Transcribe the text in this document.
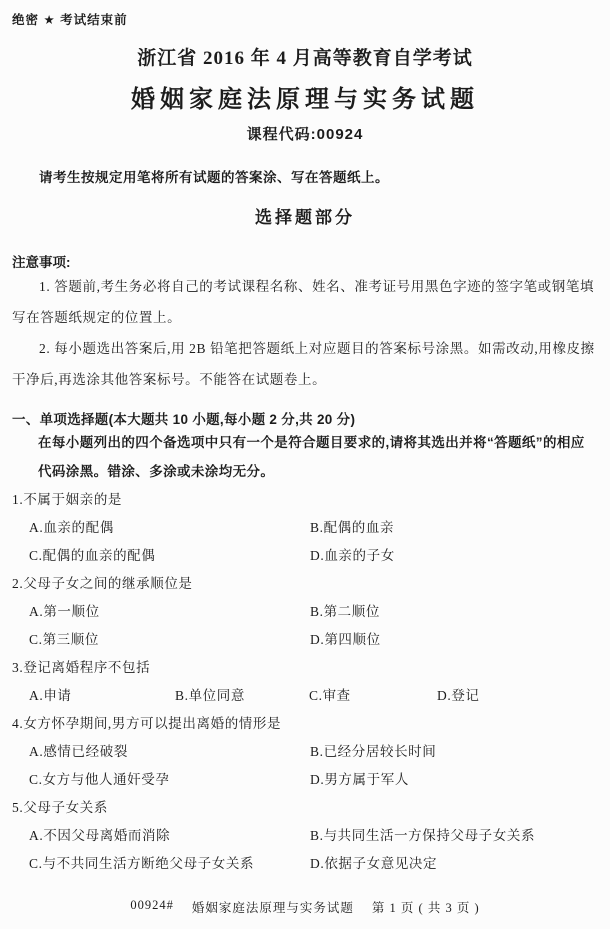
绝密 ★ 考试结束前
浙江省 2016 年 4 月高等教育自学考试
婚姻家庭法原理与实务试题
课程代码:00924
请考生按规定用笔将所有试题的答案涂、写在答题纸上。
选择题部分
注意事项:

1. 答题前,考生务必将自己的考试课程名称、姓名、准考证号用黑色字迹的签字笔或钢笔填写在答题纸规定的位置上。

2. 每小题选出答案后,用 2B 铅笔把答题纸上对应题目的答案标号涂黑。如需改动,用橡皮擦干净后,再选涂其他答案标号。不能答在试题卷上。

一、单项选择题(本大题共 10 小题,每小题 2 分,共 20 分)

在每小题列出的四个备选项中只有一个是符合题目要求的,请将其选出并将“答题纸”的相应代码涂黑。错涂、多涂或未涂均无分。

1.不属于姻亲的是
A.血亲的配偶	B.配偶的血亲
C.配偶的血亲的配偶	D.血亲的子女
2.父母子女之间的继承顺位是
A.第一顺位	B.第二顺位
C.第三顺位	D.第四顺位
3.登记离婚程序不包括
A.申请	B.单位同意	C.审查	D.登记
4.女方怀孕期间,男方可以提出离婚的情形是
A.感情已经破裂	B.已经分居较长时间
C.女方与他人通奸受孕	D.男方属于军人
5.父母子女关系
A.不因父母离婚而消除	B.与共同生活一方保持父母子女关系
C.与不共同生活方断绝父母子女关系	D.依据子女意见决定
00924# 婚姻家庭法原理与实务试题 第 1 页 ( 共 3 页 )
